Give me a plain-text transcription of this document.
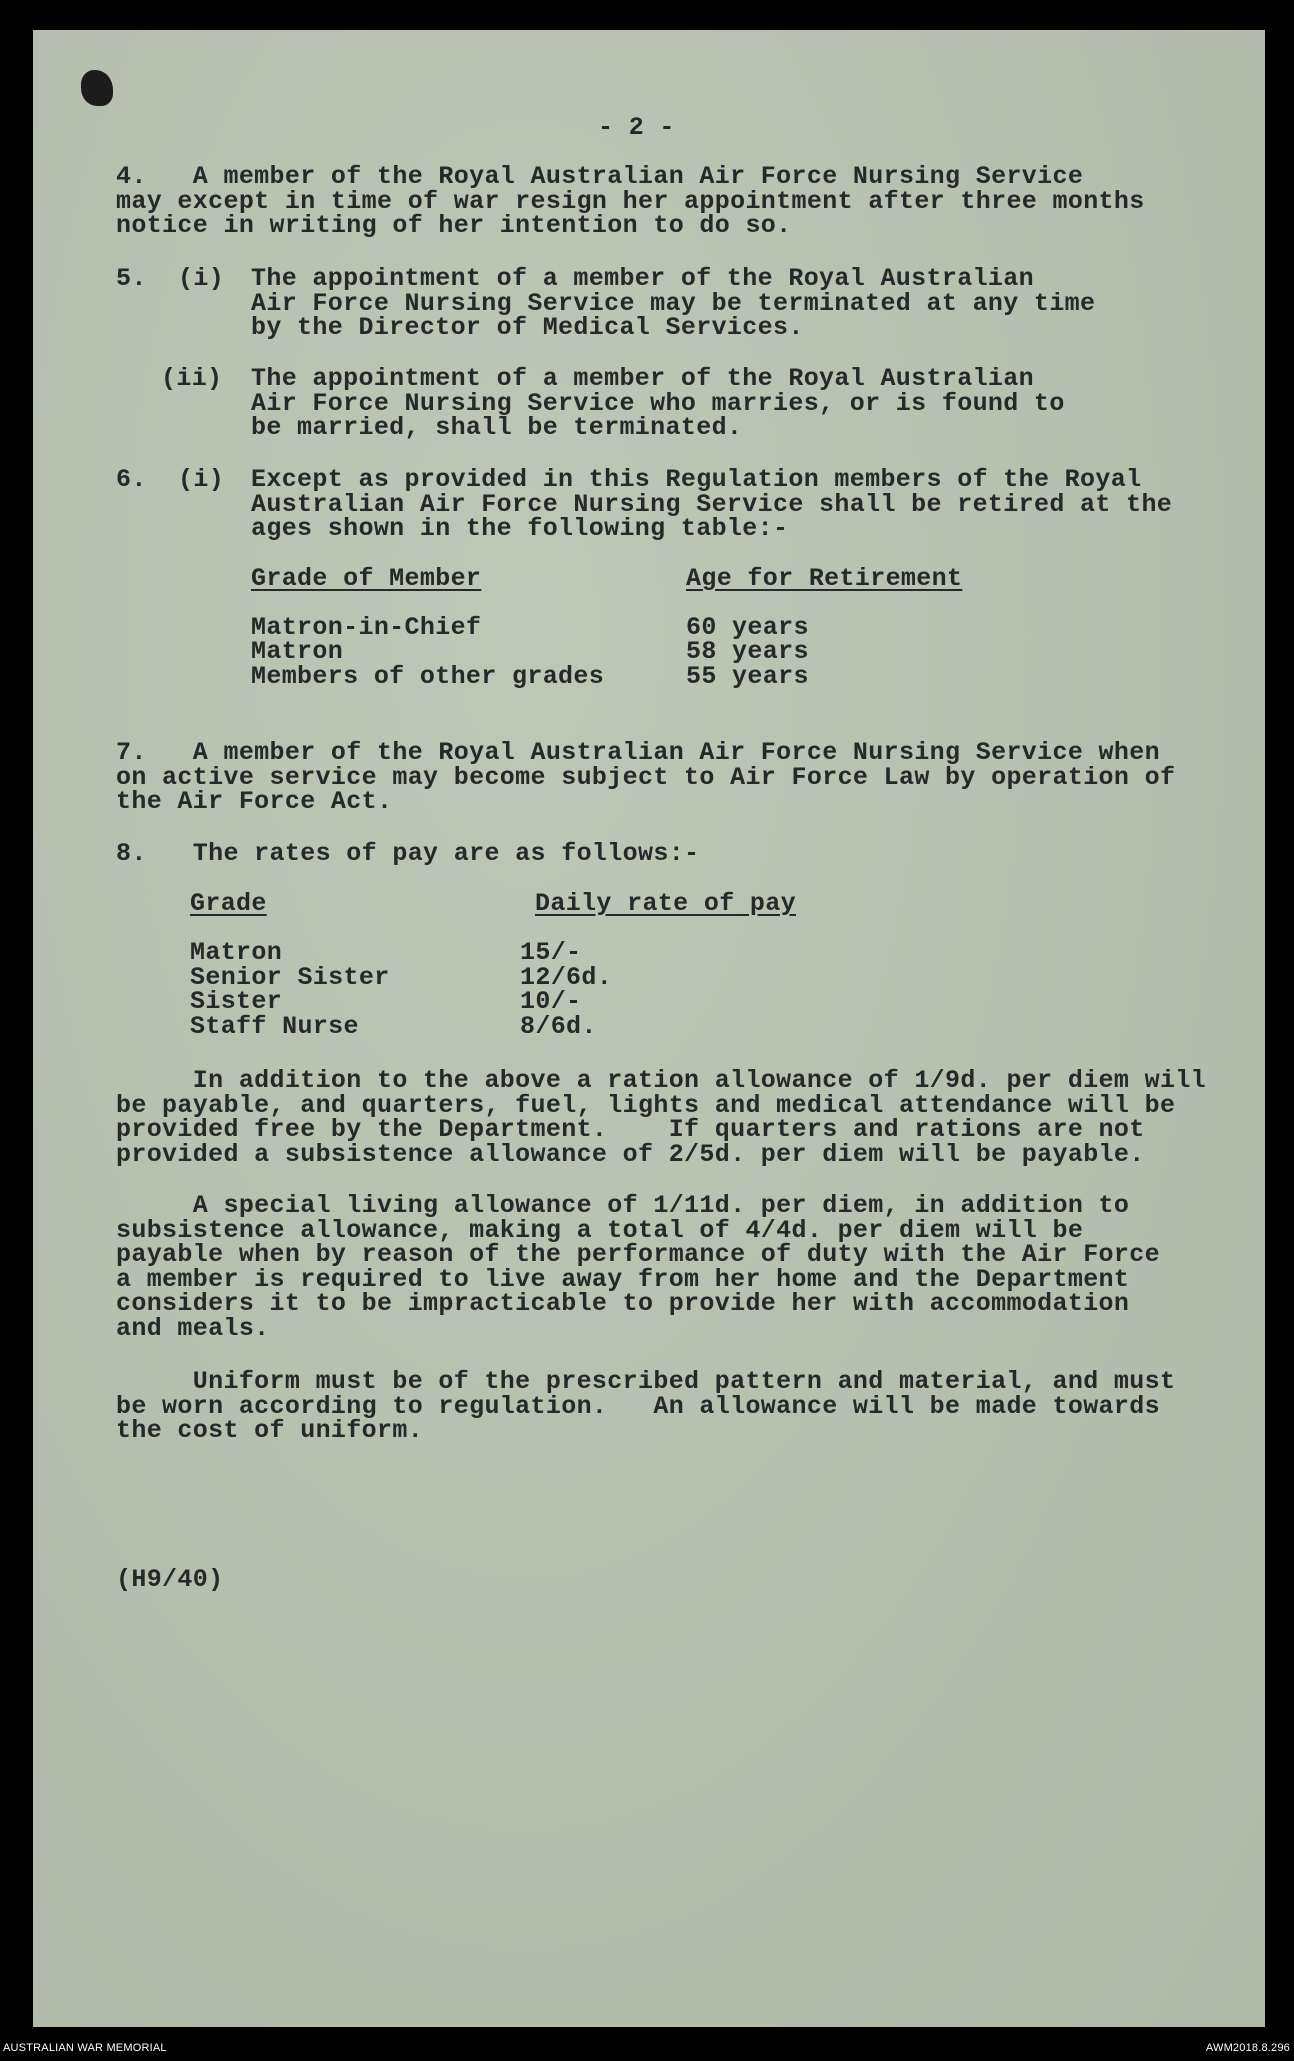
- 2 -

4.   A member of the Royal Australian Air Force Nursing Service
may except in time of war resign her appointment after three months
notice in writing of her intention to do so.

5. (i) The appointment of a member of the Royal Australian
Air Force Nursing Service may be terminated at any time
by the Director of Medical Services.

(ii) The appointment of a member of the Royal Australian
Air Force Nursing Service who marries, or is found to
be married, shall be terminated.

6. (i) Except as provided in this Regulation members of the Royal
Australian Air Force Nursing Service shall be retired at the
ages shown in the following table:-

Grade of Member	Age for Retirement

Matron-in-Chief	60 years

Matron	58 years

Members of other grades	55 years

7.   A member of the Royal Australian Air Force Nursing Service when
on active service may become subject to Air Force Law by operation of
the Air Force Act.

8.   The rates of pay are as follows:-

Grade	Daily rate of pay

Matron	15/-

Senior Sister	12/6d.

Sister	10/-

Staff Nurse	8/6d.

In addition to the above a ration allowance of 1/9d. per diem will
be payable, and quarters, fuel, lights and medical attendance will be
provided free by the Department.    If quarters and rations are not
provided a subsistence allowance of 2/5d. per diem will be payable.

A special living allowance of 1/11d. per diem, in addition to
subsistence allowance, making a total of 4/4d. per diem will be
payable when by reason of the performance of duty with the Air Force
a member is required to live away from her home and the Department
considers it to be impracticable to provide her with accommodation
and meals.

Uniform must be of the prescribed pattern and material, and must
be worn according to regulation.   An allowance will be made towards
the cost of uniform.

(H9/40)

AUSTRALIAN WAR MEMORIAL	AWM2018.8.296
